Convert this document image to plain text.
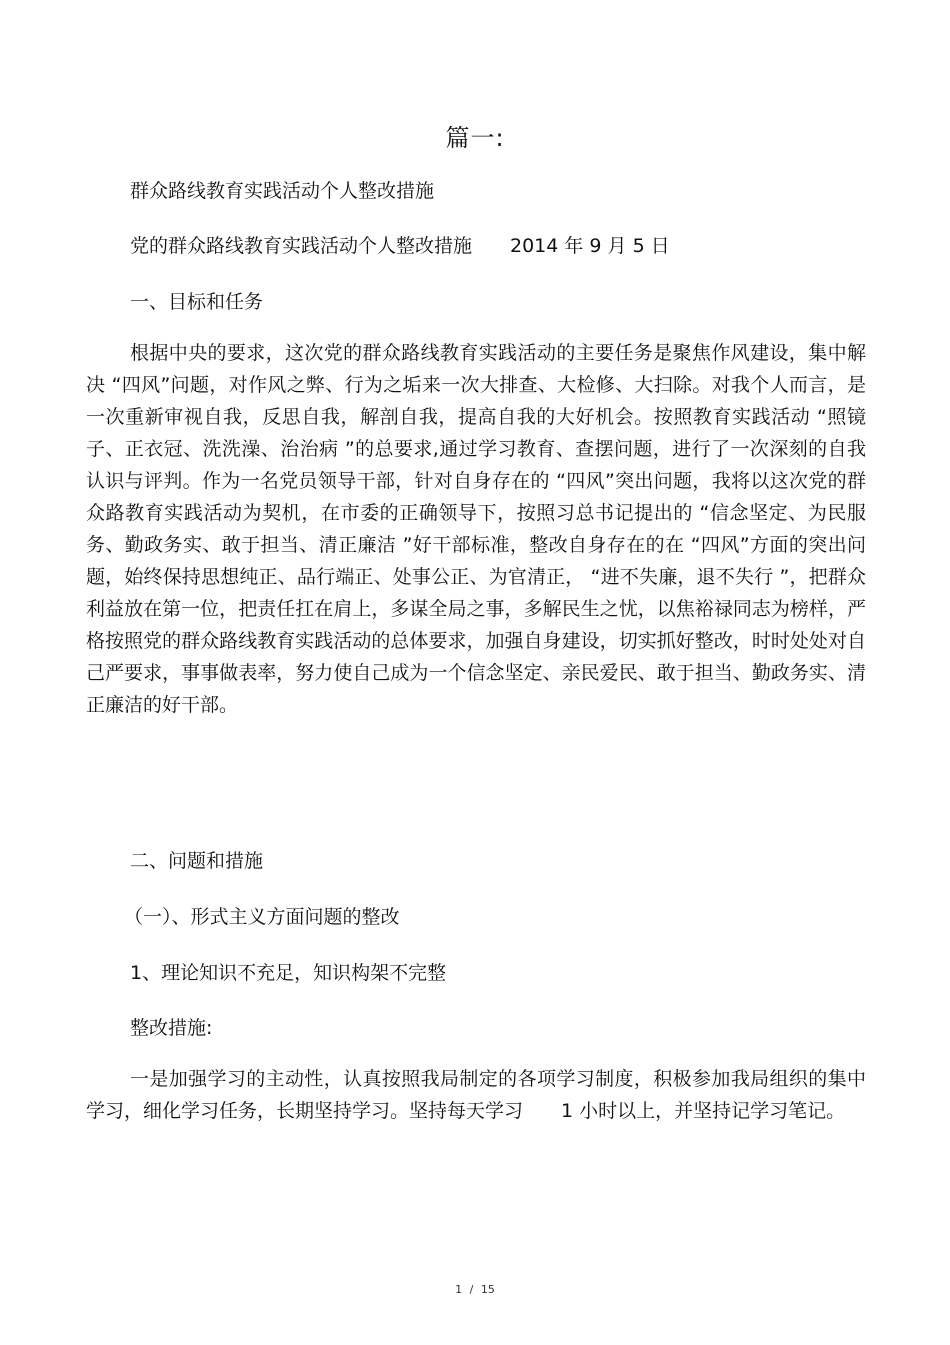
篇一:
群众路线教育实践活动个人整改措施
党的群众路线教育实践活动个人整改措施　　2014 年 9 月 5 日
一、目标和任务
根据中央的要求，这次党的群众路线教育实践活动的主要任务是聚焦作风建设，集中解决 “四风”问题，对作风之弊、行为之垢来一次大排查、大检修、大扫除。对我个人而言，是一次重新审视自我，反思自我，解剖自我，提高自我的大好机会。按照教育实践活动 “照镜子、正衣冠、洗洗澡、治治病 ”的总要求,通过学习教育、查摆问题，进行了一次深刻的自我认识与评判。作为一名党员领导干部，针对自身存在的 “四风”突出问题，我将以这次党的群众路教育实践活动为契机，在市委的正确领导下，按照习总书记提出的 “信念坚定、为民服务、勤政务实、敢于担当、清正廉洁 ”好干部标准，整改自身存在的在 “四风”方面的突出问题，始终保持思想纯正、品行端正、处事公正、为官清正， “进不失廉，退不失行 ”，把群众利益放在第一位，把责任扛在肩上，多谋全局之事，多解民生之忧，以焦裕禄同志为榜样，严格按照党的群众路线教育实践活动的总体要求，加强自身建设，切实抓好整改，时时处处对自己严要求，事事做表率，努力使自己成为一个信念坚定、亲民爱民、敢于担当、勤政务实、清正廉洁的好干部。
二、问题和措施
（一）、形式主义方面问题的整改
1、理论知识不充足，知识构架不完整
整改措施:
一是加强学习的主动性，认真按照我局制定的各项学习制度，积极参加我局组织的集中学习，细化学习任务，长期坚持学习。坚持每天学习　　1 小时以上，并坚持记学习笔记。
1 / 15
